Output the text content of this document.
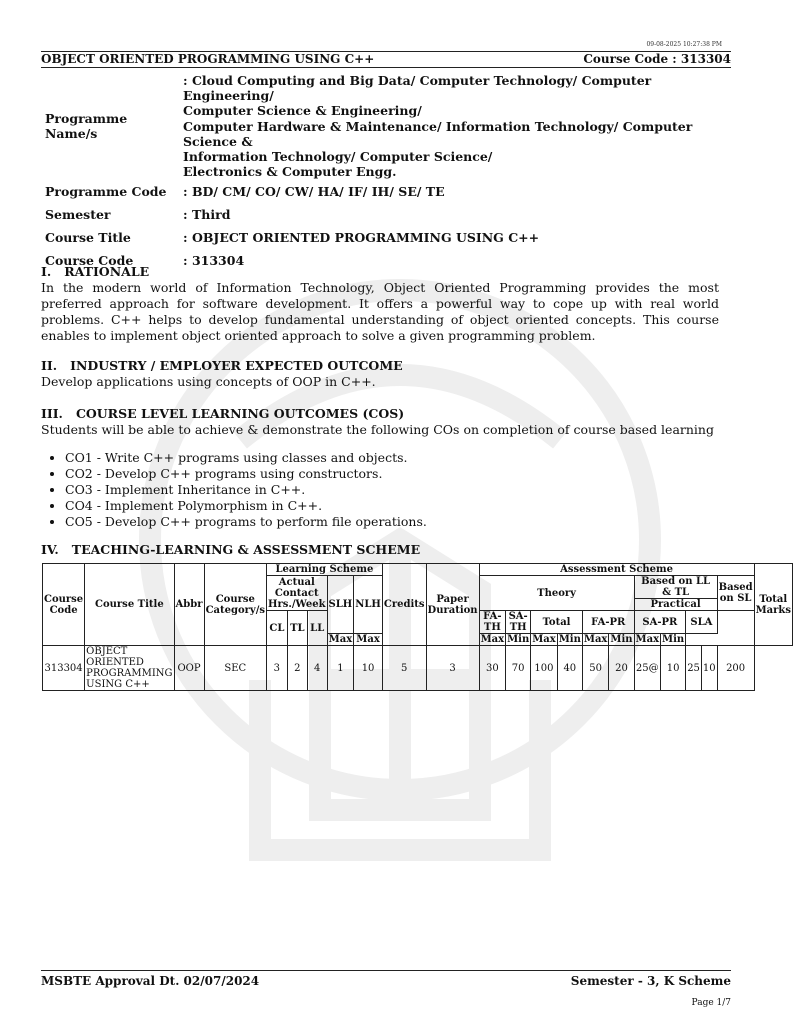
09-08-2025 10:27:38 PM
OBJECT ORIENTED PROGRAMMING USING C++	Course Code : 313304
Programme Name/s	: Cloud Computing and Big Data/ Computer Technology/ Computer Engineering/
Computer Science & Engineering/
Computer Hardware & Maintenance/ Information Technology/ Computer Science &
Information Technology/ Computer Science/
Electronics & Computer Engg.

Programme Code	: BD/ CM/ CO/ CW/ HA/ IF/ IH/ SE/ TE
Semester	: Third
Course Title	: OBJECT ORIENTED PROGRAMMING USING C++
Course Code	: 313304
I.   RATIONALE

In the modern world of Information Technology, Object Oriented Programming provides the most preferred approach for software development. It offers a powerful way to cope up with real world problems. C++ helps to develop fundamental understanding of object oriented concepts. This course enables to implement object oriented approach to solve a given programming problem.

II.   INDUSTRY / EMPLOYER EXPECTED OUTCOME

Develop applications using concepts of OOP in C++.

III.   COURSE LEVEL LEARNING OUTCOMES (COS)

Students will be able to achieve & demonstrate the following COs on completion of course based learning

• CO1 - Write C++ programs using classes and objects.
• CO2 - Develop C++ programs using constructors.
• CO3 - Implement Inheritance in C++.
• CO4 - Implement Polymorphism in C++.
• CO5 - Develop C++ programs to perform file operations.
IV.   TEACHING-LEARNING & ASSESSMENT SCHEME
Course Code	Course Title	Abbr	Course Category/s	Learning Scheme					Credits	Paper Duration	Assessment Scheme											Total Marks
				Actual Contact Hrs./Week			SLH	NLH			Theory						Based on LL & TL				Based on SL	
																	Practical					
				CL	TL	LL					FA-TH	SA-TH	Total		FA-PR		SA-PR		SLA			
							Max	Max			Max	Min	Max	Min	Max	Min	Max	Min				
313304	OBJECT ORIENTED PROGRAMMING USING C++	OOP	SEC	3	2	4	1	10	5	3	30	70	100	40	50	20	25@	10	25	10	200	
MSBTE Approval Dt. 02/07/2024	Semester - 3, K Scheme
Page 1/7
